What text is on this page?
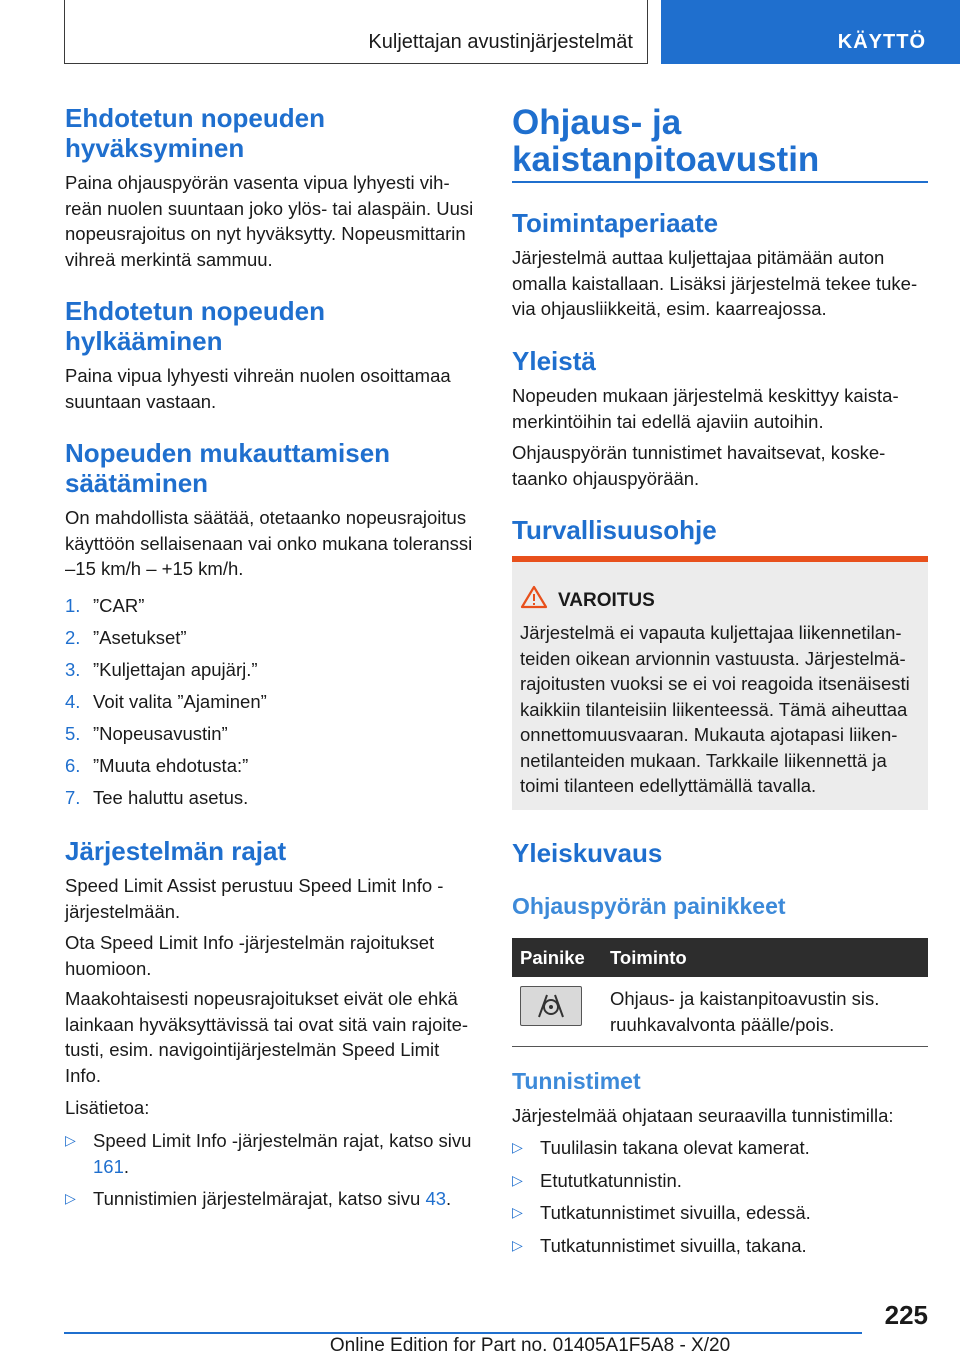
Kuljettajan avustinjärjestelmät	KÄYTTÖ
Ehdotetun nopeuden hyväksyminen

Paina ohjauspyörän vasenta vipua lyhyesti vihreän nuolen suuntaan joko ylös- tai alaspäin. Uusi nopeusrajoitus on nyt hyväksytty. Nopeusmittarin vihreä merkintä sammuu.

Ehdotetun nopeuden hylkääminen

Paina vipua lyhyesti vihreän nuolen osoittamaa suuntaan vastaan.

Nopeuden mukauttamisen säätäminen

On mahdollista säätää, otetaanko nopeusrajoitus käyttöön sellaisenaan vai onko mukana toleranssi –15 km/h – +15 km/h.

1. ”CAR”
2. ”Asetukset”
3. ”Kuljettajan apujärj.”
4. Voit valita ”Ajaminen”
5. ”Nopeusavustin”
6. ”Muuta ehdotusta:”
7. Tee haluttu asetus.
Järjestelmän rajat

Speed Limit Assist perustuu Speed Limit Info -järjestelmään.

Ota Speed Limit Info -järjestelmän rajoitukset huomioon.

Maakohtaisesti nopeusrajoitukset eivät ole ehkä lainkaan hyväksyttävissä tai ovat sitä vain rajoitetusti, esim. navigointijärjestelmän Speed Limit Info.

Lisätietoa:

▷ Speed Limit Info -järjestelmän rajat, katso sivu 161.
▷ Tunnistimien järjestelmärajat, katso sivu 43.
Ohjaus- ja kaistanpitoavustin
Toimintaperiaate

Järjestelmä auttaa kuljettajaa pitämään auton omalla kaistallaan. Lisäksi järjestelmä tekee tukevia ohjausliikkeitä, esim. kaarreajossa.

Yleistä

Nopeuden mukaan järjestelmä keskittyy kaistamerkintöihin tai edellä ajaviin autoihin.

Ohjauspyörän tunnistimet havaitsevat, kosketaanko ohjauspyörään.

Turvallisuusohje
VAROITUS
Järjestelmä ei vapauta kuljettajaa liikennetilanteiden oikean arvionnin vastuusta. Järjestelmärajoitusten vuoksi se ei voi reagoida itsenäisesti kaikkiin tilanteisiin liikenteessä. Tämä aiheuttaa onnettomuusvaaran. Mukauta ajotapasi liikennetilanteiden mukaan. Tarkkaile liikennettä ja toimi tilanteen edellyttämällä tavalla.
Yleiskuvaus
Ohjauspyörän painikkeet
Painike	Toiminto

	Ohjaus- ja kaistanpitoavustin sis. ruuhkavalvonta päälle/pois.
Tunnistimet

Järjestelmää ohjataan seuraavilla tunnistimilla:

▷ Tuulilasin takana olevat kamerat.
▷ Etututkatunnistin.
▷ Tutkatunnistimet sivuilla, edessä.
▷ Tutkatunnistimet sivuilla, takana.
225
Online Edition for Part no. 01405A1F5A8 - X/20
